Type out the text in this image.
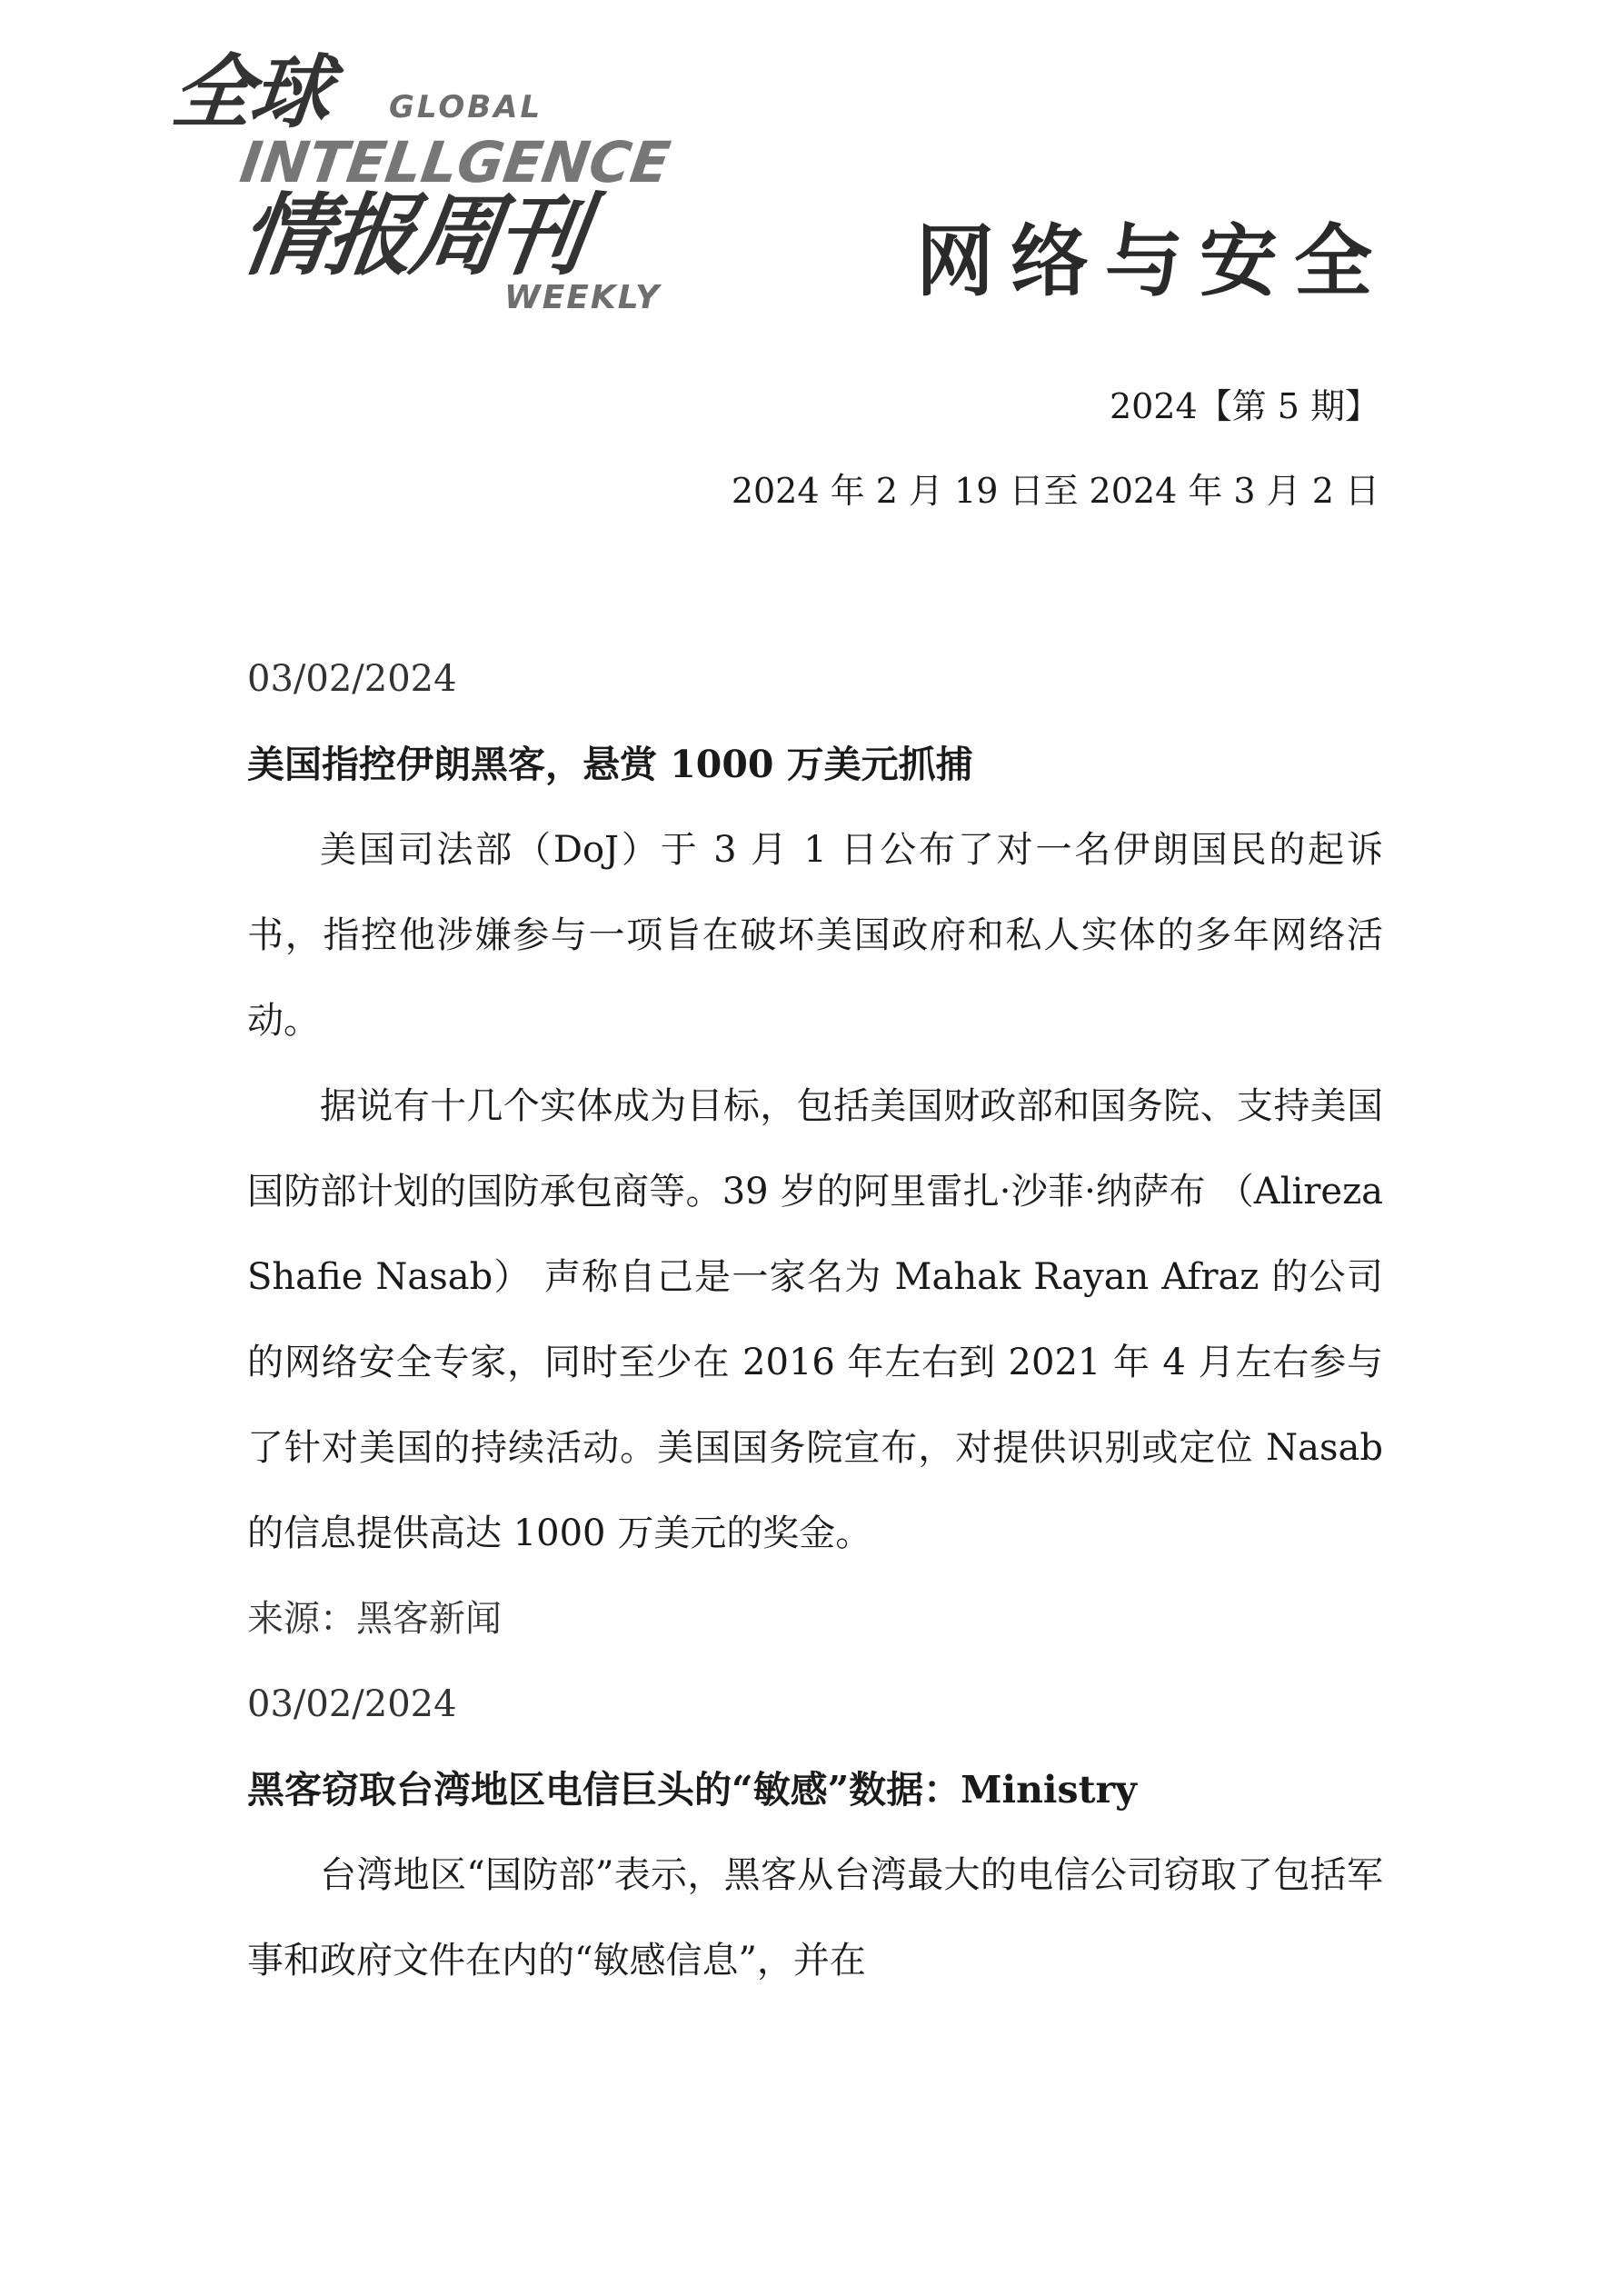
全球 GLOBAL
INTELLGENCE
情报周刊
WEEKLY	网络与安全
2024【第 5 期】
2024 年 2 月 19 日至 2024 年 3 月 2 日
03/02/2024
美国指控伊朗黑客，悬赏 1000 万美元抓捕

美国司法部（DoJ）于 3 月 1 日公布了对一名伊朗国民的起诉书，指控他涉嫌参与一项旨在破坏美国政府和私人实体的多年网络活动。

据说有十几个实体成为目标，包括美国财政部和国务院、支持美国国防部计划的国防承包商等。39 岁的阿里雷扎·沙菲·纳萨布 （Alireza Shafie Nasab） 声称自己是一家名为 Mahak Rayan Afraz 的公司的网络安全专家，同时至少在 2016 年左右到 2021 年 4 月左右参与了针对美国的持续活动。美国国务院宣布，对提供识别或定位 Nasab 的信息提供高达 1000 万美元的奖金。

来源：黑客新闻
03/02/2024
黑客窃取台湾地区电信巨头的“敏感”数据：Ministry

台湾地区“国防部”表示，黑客从台湾最大的电信公司窃取了包括军事和政府文件在内的“敏感信息”，并在
